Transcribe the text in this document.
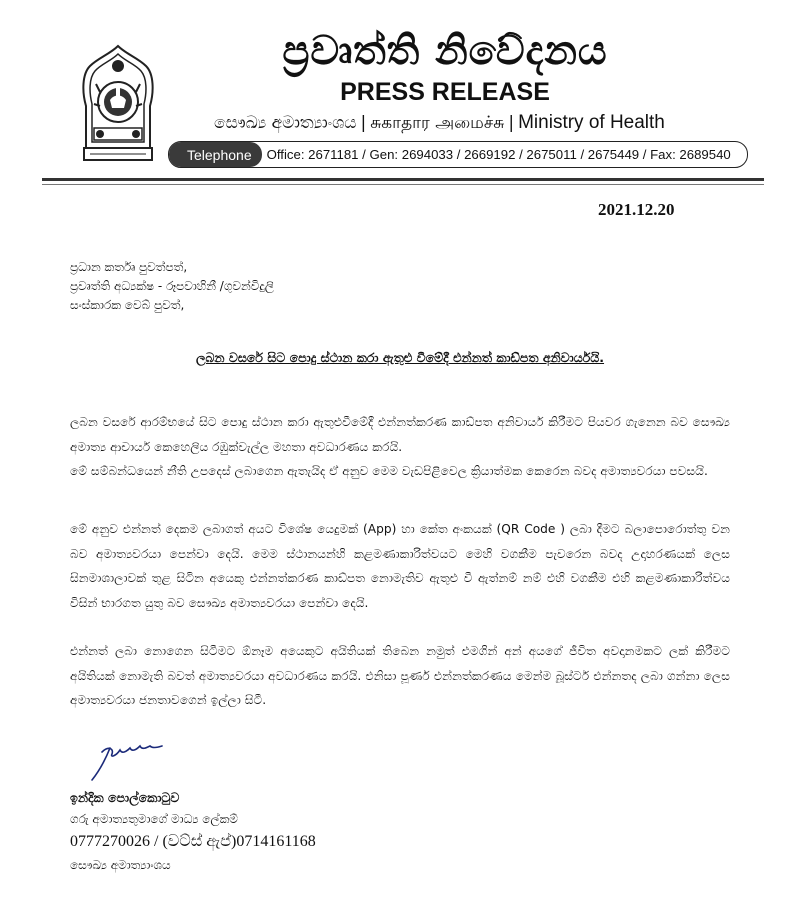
ප්‍රවෘත්ති නිවේදනය
PRESS RELEASE
සෞඛ්‍ය අමාත්‍යාංශය | சுகாதார அமைச்சு | Ministry of Health
Telephone	Office: 2671181 / Gen: 2694033 / 2669192 / 2675011 / 2675449 / Fax: 2689540
2021.12.20
ප්‍රධාන කර්තෘ පුවත්පත්,
ප්‍රවෘත්ති අධ්‍යක්ෂ - රූපවාහිනී /ගුවන්විදුලි
සංස්කාරක වෙබ් පුවත්,
ලබන වසරේ සිට පොදු ස්ථාන කරා ඇතුළු වීමේදී එන්නත් කාඩ්පත අනිවාර්යයි.
ලබන වසරේ ආරම්භයේ සිට පොදු ස්ථාන කරා ඇතුළුවීමේදී එන්නත්කරණ කාඩ්පත අනිවාර්ය කිරීමට පියවර ගැනෙන බව සෞඛ්‍ය අමාත්‍ය ආචාර්ය කෙහෙලිය රඹුක්වැල්ල මහතා අවධාරණය කරයි.
මේ සම්බන්ධයෙන් නීති උපදෙස් ලබාගෙන ඇතැයිද ඒ අනුව මෙම වැඩපිළිවෙල ක්‍රියාත්මක කෙරෙන බවද අමාත්‍යවරයා පවසයි.
මේ අනුව එන්නත් දෙකම ලබාගත් අයට විශේෂ යෙදුමක් (App) හා කේත අංකයක් (QR Code ) ලබා දීමට බලාපොරොත්තු වන බව අමාත්‍යවරයා පෙන්වා දෙයි. මෙම ස්ථානයන්හි කළමණාකාරිත්වයට මෙහි වගකීම පැවරෙන බවද උදාහරණයක් ලෙස සිනමාශාලාවක් තුළ සිටින අයෙකු එන්නත්කරණ කාඩ්පත නොමැතිව ඇතුළු වී ඇත්නම් නම් එහි වගකීම එහි කළමණාකාරිත්වය විසින් භාරගත යුතු බව සෞඛ්‍ය අමාත්‍යවරයා පෙන්වා දෙයි.
එන්නත් ලබා නොගෙන සිටීමට ඕනෑම අයෙකුට අයිතියක් තිබෙන නමුත් එමගින් අන් අයගේ ජීවිත අවදානමකට ලක් කිරීමට අයිතියක් නොමැති බවත් අමාත්‍යවරයා අවධාරණය කරයි. එනිසා පූර්ණ එන්නත්කරණය මෙන්ම බූස්ටර් එන්නතද ලබා ගන්නා ලෙස අමාත්‍යවරයා ජනතාවගෙන් ඉල්ලා සිටී.
ඉන්දික පොල්කොටුව
ගරු අමාත්‍යතුමාගේ මාධ්‍ය ලේකම්
0777270026 / (වට්ස් ඇප්)0714161168
සෞඛ්‍ය අමාත්‍යාංශය
